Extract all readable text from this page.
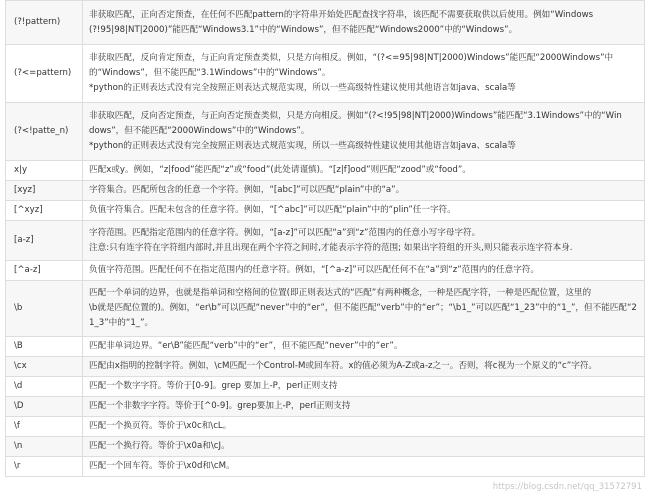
(?!pattern)	非获取匹配，正向否定预查，在任何不匹配pattern的字符串开始处匹配查找字符串，该匹配不需要获取供以后使用。例如“Windows
(?!95|98|NT|2000)”能匹配“Windows3.1”中的“Windows”，但不能匹配“Windows2000”中的“Windows”。

(?<=pattern)	非获取匹配，反向肯定预查，与正向肯定预查类似，只是方向相反。例如，“(?<=95|98|NT|2000)Windows”能匹配“2000Windows”中
的“Windows”，但不能匹配“3.1Windows”中的“Windows”。
*python的正则表达式没有完全按照正则表达式规范实现，所以一些高级特性建议使用其他语言如java、scala等

(?<!patte_n)	非获取匹配，反向否定预查，与正向否定预查类似，只是方向相反。例如“(?<!95|98|NT|2000)Windows”能匹配“3.1Windows”中的“Win
dows”，但不能匹配“2000Windows”中的“Windows”。
*python的正则表达式没有完全按照正则表达式规范实现，所以一些高级特性建议使用其他语言如java、scala等

x|y	匹配x或y。例如，“z|food”能匹配“z”或“food”(此处请谨慎)。“[z|f]ood”则匹配“zood”或“food”。

[xyz]	字符集合。匹配所包含的任意一个字符。例如，“[abc]”可以匹配“plain”中的“a”。

[^xyz]	负值字符集合。匹配未包含的任意字符。例如，“[^abc]”可以匹配“plain”中的“plin”任一字符。

[a-z]	字符范围。匹配指定范围内的任意字符。例如，“[a-z]”可以匹配“a”到“z”范围内的任意小写字母字符。
注意:只有连字符在字符组内部时,并且出现在两个字符之间时,才能表示字符的范围; 如果出字符组的开头,则只能表示连字符本身.

[^a-z]	负值字符范围。匹配任何不在指定范围内的任意字符。例如，“[^a-z]”可以匹配任何不在“a”到“z”范围内的任意字符。

\b	匹配一个单词的边界，也就是指单词和空格间的位置(即正则表达式的“匹配”有两种概念，一种是匹配字符，一种是匹配位置，这里的
\b就是匹配位置的)。例如，“er\b”可以匹配“never”中的“er”，但不能匹配“verb”中的“er”；“\b1_”可以匹配“1_23”中的“1_”，但不能匹配“2
1_3”中的“1_”。

\B	匹配非单词边界。“er\B”能匹配“verb”中的“er”，但不能匹配“never”中的“er”。

\cx	匹配由x指明的控制字符。例如，\cM匹配一个Control-M或回车符。x的值必须为A-Z或a-z之一。否则，将c视为一个原义的“c”字符。

\d	匹配一个数字字符。等价于[0-9]。grep 要加上-P，perl正则支持

\D	匹配一个非数字字符。等价于[^0-9]。grep要加上-P，perl正则支持

\f	匹配一个换页符。等价于\x0c和\cL。

\n	匹配一个换行符。等价于\x0a和\cJ。

\r	匹配一个回车符。等价于\x0d和\cM。
https://blog.csdn.net/qq_31572791
